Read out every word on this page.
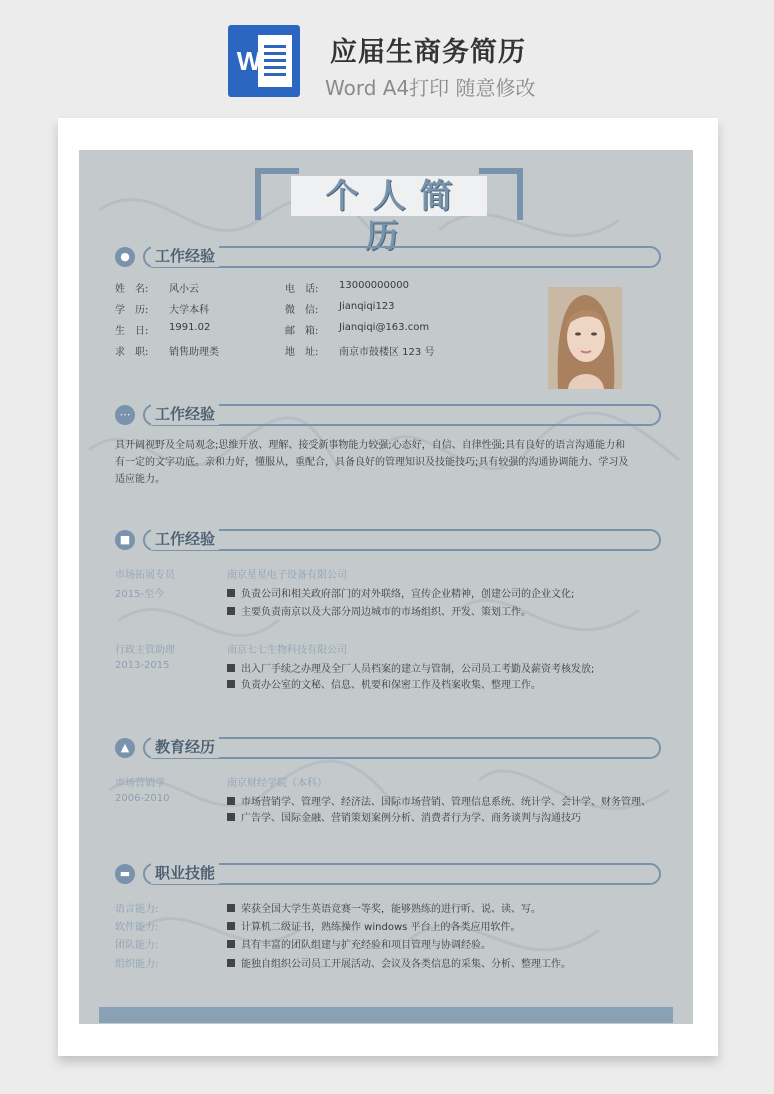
W	应届生商务简历
Word A4打印 随意修改
个人简历
●	工作经验
姓　名: 风小云	电　话: 13000000000
学　历: 大学本科	微　信: Jianqiqi123
生　日: 1991.02	邮　箱: Jianqiqi@163.com
求　职: 销售助理类	地　址: 南京市鼓楼区 123 号
⋯	工作经验
具开阔视野及全局观念;思维开放、理解、接受新事物能力较强;心态好，自信、自律性强;具有良好的语言沟通能力和
有一定的文字功底。亲和力好，懂服从，重配合，具备良好的管理知识及技能技巧;具有较强的沟通协调能力、学习及
适应能力。
■	工作经验
市场拓展专员	南京星星电子设备有限公司
2015-至今	负责公司和相关政府部门的对外联络，宣传企业精神，创建公司的企业文化;
主要负责南京以及大部分周边城市的市场组织、开发、策划工作。
行政主管助理	南京七七生物科技有限公司
2013-2015	出入厂手续之办理及全厂人员档案的建立与管制，公司员工考勤及薪资考核发放;
负责办公室的文秘、信息、机要和保密工作及档案收集、整理工作。
▲	教育经历
市场营销学	南京财经学院（本科）
2006-2010	市场营销学、管理学、经济法、国际市场营销、管理信息系统、统计学、会计学、财务管理、
广告学、国际金融、营销策划案例分析、消费者行为学、商务谈判与沟通技巧
▬	职业技能
语言能力:	荣获全国大学生英语竞赛一等奖，能够熟练的进行听、说、读、写。
软件能力:	计算机二级证书，熟练操作 windows 平台上的各类应用软件。
团队能力:	具有丰富的团队组建与扩充经验和项目管理与协调经验。
组织能力:	能独自组织公司员工开展活动、会议及各类信息的采集、分析、整理工作。
